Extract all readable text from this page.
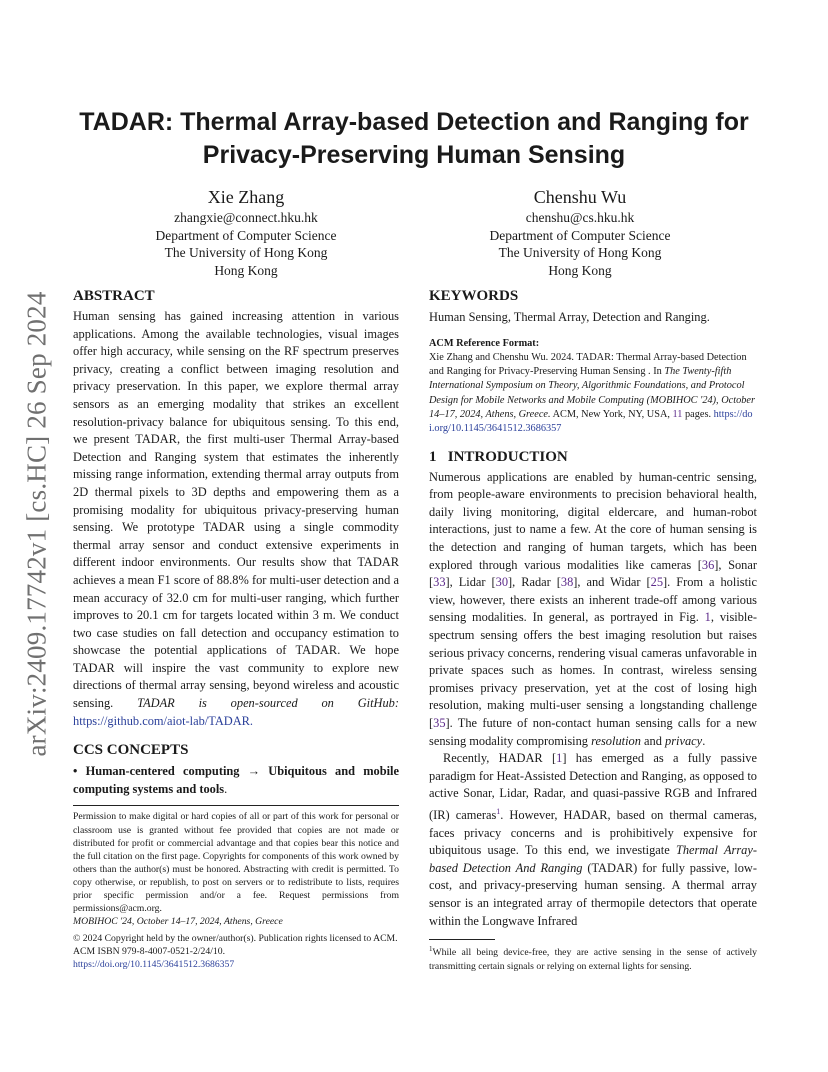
arXiv:2409.17742v1 [cs.HC] 26 Sep 2024
TADAR: Thermal Array-based Detection and Ranging for Privacy-Preserving Human Sensing
Xie Zhang
zhangxie@connect.hku.hk
Department of Computer Science
The University of Hong Kong
Hong Kong
Chenshu Wu
chenshu@cs.hku.hk
Department of Computer Science
The University of Hong Kong
Hong Kong
ABSTRACT
Human sensing has gained increasing attention in various applications. Among the available technologies, visual images offer high accuracy, while sensing on the RF spectrum preserves privacy, creating a conflict between imaging resolution and privacy preservation. In this paper, we explore thermal array sensors as an emerging modality that strikes an excellent resolution-privacy balance for ubiquitous sensing. To this end, we present TADAR, the first multi-user Thermal Array-based Detection and Ranging system that estimates the inherently missing range information, extending thermal array outputs from 2D thermal pixels to 3D depths and empowering them as a promising modality for ubiquitous privacy-preserving human sensing. We prototype TADAR using a single commodity thermal array sensor and conduct extensive experiments in different indoor environments. Our results show that TADAR achieves a mean F1 score of 88.8% for multi-user detection and a mean accuracy of 32.0 cm for multi-user ranging, which further improves to 20.1 cm for targets located within 3 m. We conduct two case studies on fall detection and occupancy estimation to showcase the potential applications of TADAR. We hope TADAR will inspire the vast community to explore new directions of thermal array sensing, beyond wireless and acoustic sensing. TADAR is open-sourced on GitHub: https://github.com/aiot-lab/TADAR.
CCS CONCEPTS
• Human-centered computing → Ubiquitous and mobile computing systems and tools.
Permission to make digital or hard copies of all or part of this work for personal or classroom use is granted without fee provided that copies are not made or distributed for profit or commercial advantage and that copies bear this notice and the full citation on the first page. Copyrights for components of this work owned by others than the author(s) must be honored. Abstracting with credit is permitted. To copy otherwise, or republish, to post on servers or to redistribute to lists, requires prior specific permission and/or a fee. Request permissions from permissions@acm.org.
MOBIHOC '24, October 14–17, 2024, Athens, Greece
© 2024 Copyright held by the owner/author(s). Publication rights licensed to ACM.
ACM ISBN 979-8-4007-0521-2/24/10.
https://doi.org/10.1145/3641512.3686357
KEYWORDS
Human Sensing, Thermal Array, Detection and Ranging.
ACM Reference Format:
Xie Zhang and Chenshu Wu. 2024. TADAR: Thermal Array-based Detection and Ranging for Privacy-Preserving Human Sensing . In The Twenty-fifth International Symposium on Theory, Algorithmic Foundations, and Protocol Design for Mobile Networks and Mobile Computing (MOBIHOC '24), October 14–17, 2024, Athens, Greece. ACM, New York, NY, USA, 11 pages. https://doi.org/10.1145/3641512.3686357
1 INTRODUCTION
Numerous applications are enabled by human-centric sensing, from people-aware environments to precision behavioral health, daily living monitoring, digital eldercare, and human-robot interactions, just to name a few. At the core of human sensing is the detection and ranging of human targets, which has been explored through various modalities like cameras [36], Sonar [33], Lidar [30], Radar [38], and Widar [25]. From a holistic view, however, there exists an inherent trade-off among various sensing modalities. In general, as portrayed in Fig. 1, visible-spectrum sensing offers the best imaging resolution but raises serious privacy concerns, rendering visual cameras unfavorable in private spaces such as homes. In contrast, wireless sensing promises privacy preservation, yet at the cost of losing high resolution, making multi-user sensing a longstanding challenge [35]. The future of non-contact human sensing calls for a new sensing modality compromising resolution and privacy.
Recently, HADAR [1] has emerged as a fully passive paradigm for Heat-Assisted Detection and Ranging, as opposed to active Sonar, Lidar, Radar, and quasi-passive RGB and Infrared (IR) cameras$^1$. However, HADAR, based on thermal cameras, faces privacy concerns and is prohibitively expensive for ubiquitous usage. To this end, we investigate Thermal Array-based Detection And Ranging (TADAR) for fully passive, low-cost, and privacy-preserving human sensing. A thermal array sensor is an integrated array of thermopile detectors that operate within the Longwave Infrared
$^1$While all being device-free, they are active sensing in the sense of actively transmitting certain signals or relying on external lights for sensing.
